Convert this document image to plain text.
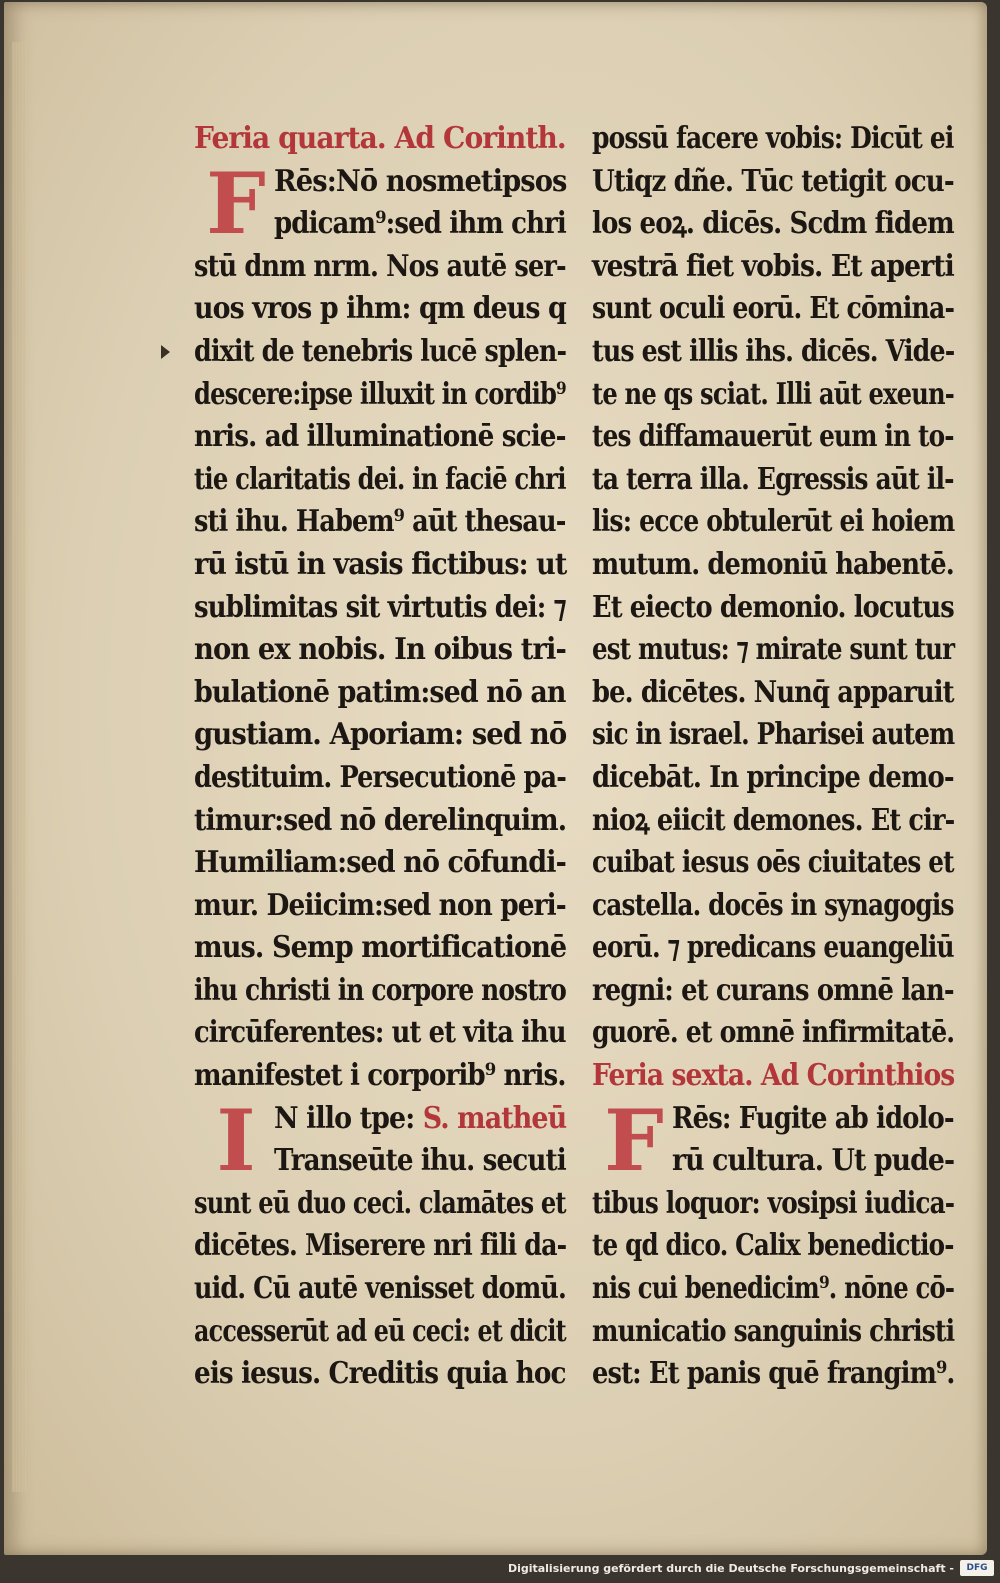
Feria quarta. Ad Corinth.
F Rēs:Nō nosmetipsos
pdicam⁹:sed ihm chri
stū dnm nrm. Nos autē ser-
uos vros p ihm: qm deus q
dixit de tenebris lucē splen-
descere:ipse illuxit in cordib⁹
nris. ad illuminationē scie-
tie claritatis dei. in faciē chri
sti ihu. Habem⁹ aūt thesau-
rū istū in vasis fictibus: ut
sublimitas sit virtutis dei: ⁊
non ex nobis. In oibus tri-
bulationē patim:sed nō an
gustiam. Aporiam: sed nō
destituim. Persecutionē pa-
timur:sed nō derelinquim.
Humiliam:sed nō cōfundi-
mur. Deiicim:sed non peri-
mus. Semp mortificationē
ihu christi in corpore nostro
circūferentes: ut et vita ihu
manifestet i corporib⁹ nris.
I N illo tpe: S. matheū
Transeūte ihu. secuti
sunt eū duo ceci. clamātes et
dicētes. Miserere nri fili da-
uid. Cū autē venisset domū.
accesserūt ad eū ceci: et dicit
eis iesus. Creditis quia hoc
possū facere vobis: Dicūt ei
Utiqz dñe. Tūc tetigit ocu-
los eoꝝ. dicēs. Scdm fidem
vestrā fiet vobis. Et aperti
sunt oculi eorū. Et cōmina-
tus est illis ihs. dicēs. Vide-
te ne qs sciat. Illi aūt exeun-
tes diffamauerūt eum in to-
ta terra illa. Egressis aūt il-
lis: ecce obtulerūt ei hoiem
mutum. demoniū habentē.
Et eiecto demonio. locutus
est mutus: ⁊ mirate sunt tur
be. dicētes. Nunq̄ apparuit
sic in israel. Pharisei autem
dicebāt. In principe demo-
nioꝝ eiicit demones. Et cir-
cuibat iesus oēs ciuitates et
castella. docēs in synagogis
eorū. ⁊ predicans euangeliū
regni: et curans omnē lan-
guorē. et omnē infirmitatē.
Feria sexta. Ad Corinthios
F Rēs: Fugite ab idolo-
rū cultura. Ut pude-
tibus loquor: vosipsi iudica-
te qd dico. Calix benedictio-
nis cui benedicim⁹. nōne cō-
municatio sanguinis christi
est: Et panis quē frangim⁹.
Digitalisierung gefördert durch die Deutsche Forschungsgemeinschaft -	DFG
